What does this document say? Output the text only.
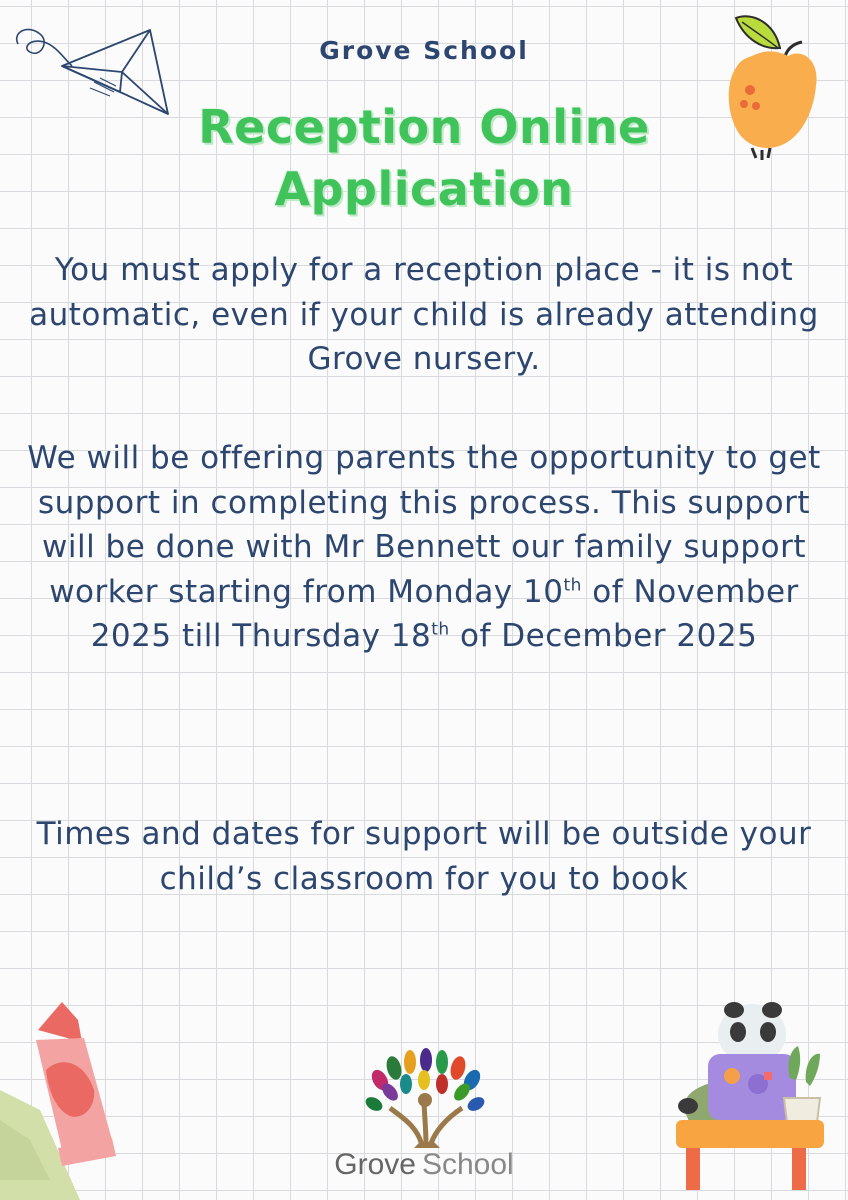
Grove School
Reception Online
Application
You must apply for a reception place - it is not automatic, even if your child is already attending Grove nursery.
We will be offering parents the opportunity to get support in completing this process. This support will be done with Mr Bennett our family support worker starting from Monday 10th of November 2025 till Thursday 18th of December 2025
Times and dates for support will be outside your child’s classroom for you to book
Grove School
